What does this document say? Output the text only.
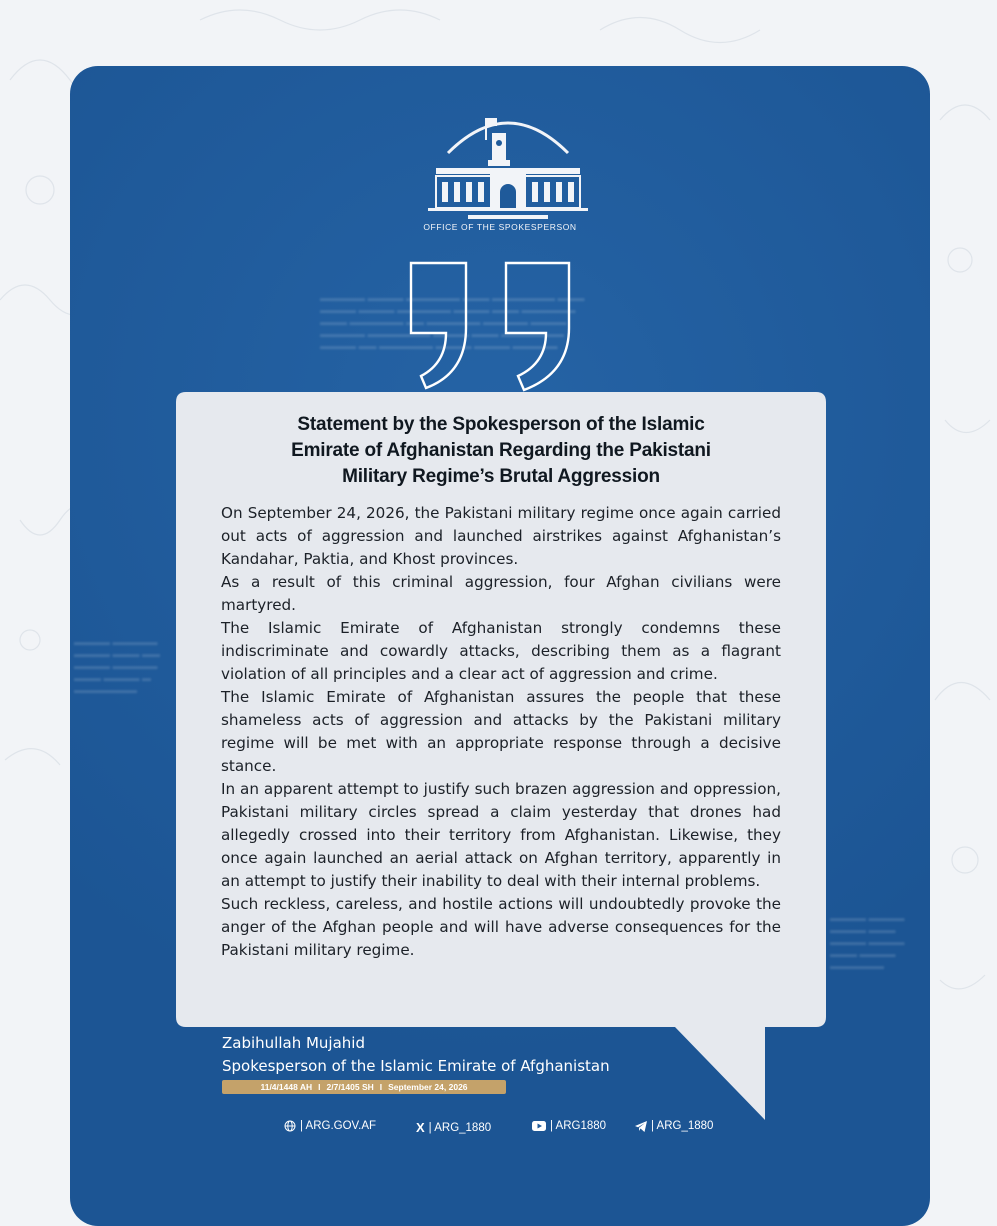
OFFICE OF THE SPOKESPERSON
​▬▬▬▬▬ ▬▬▬▬ ▬▬▬▬▬▬ ▬▬▬ ▬▬▬▬▬▬▬ ▬▬▬
▬▬▬▬ ▬▬▬▬ ▬▬▬▬▬▬ ▬▬▬▬ ▬▬▬ ▬▬▬▬▬▬
▬▬▬ ▬▬▬▬▬▬ ▬▬ ▬▬▬▬▬▬ ▬▬▬▬▬ ▬▬▬▬
▬▬▬▬▬ ▬▬▬▬▬▬▬ ▬▬▬▬ ▬▬▬ ▬▬▬▬▬▬▬
▬▬▬▬ ▬▬ ▬▬▬▬▬▬ ▬▬▬▬ ▬▬▬▬ ▬▬▬▬▬
▬▬▬▬ ▬▬▬▬▬
▬▬▬▬ ▬▬▬ ▬▬
▬▬▬▬ ▬▬▬▬▬
▬▬▬ ▬▬▬▬ ▬
▬▬▬▬▬▬▬
▬▬▬▬ ▬▬▬▬
▬▬▬▬ ▬▬▬
▬▬▬▬ ▬▬▬▬
▬▬▬ ▬▬▬▬
▬▬▬▬▬▬
Statement by the Spokesperson of the Islamic
Emirate of Afghanistan Regarding the Pakistani
Military Regime’s Brutal Aggression

On September 24, 2026, the Pakistani military regime once again carried out acts of aggression and launched airstrikes against Afghanistan’s Kandahar, Paktia, and Khost provinces.

As a result of this criminal aggression, four Afghan civilians were martyred.

The Islamic Emirate of Afghanistan strongly condemns these indiscriminate and cowardly attacks, describing them as a flagrant violation of all principles and a clear act of aggression and crime.

The Islamic Emirate of Afghanistan assures the people that these shameless acts of aggression and attacks by the Pakistani military regime will be met with an appropriate response through a decisive stance.

In an apparent attempt to justify such brazen aggression and oppression, Pakistani military circles spread a claim yesterday that drones had allegedly crossed into their territory from Afghanistan. Likewise, they once again launched an aerial attack on Afghan territory, apparently in an attempt to justify their inability to deal with their internal problems.

Such reckless, careless, and hostile actions will undoubtedly provoke the anger of the Afghan people and will have adverse consequences for the Pakistani military regime.

Zabihullah Mujahid
Spokesperson of the Islamic Emirate of Afghanistan
11/4/1448 AH I 2/7/1405 SH I September 24, 2026
| ARG.GOV.AF	X | ARG_1880	| ARG1880	| ARG_1880
